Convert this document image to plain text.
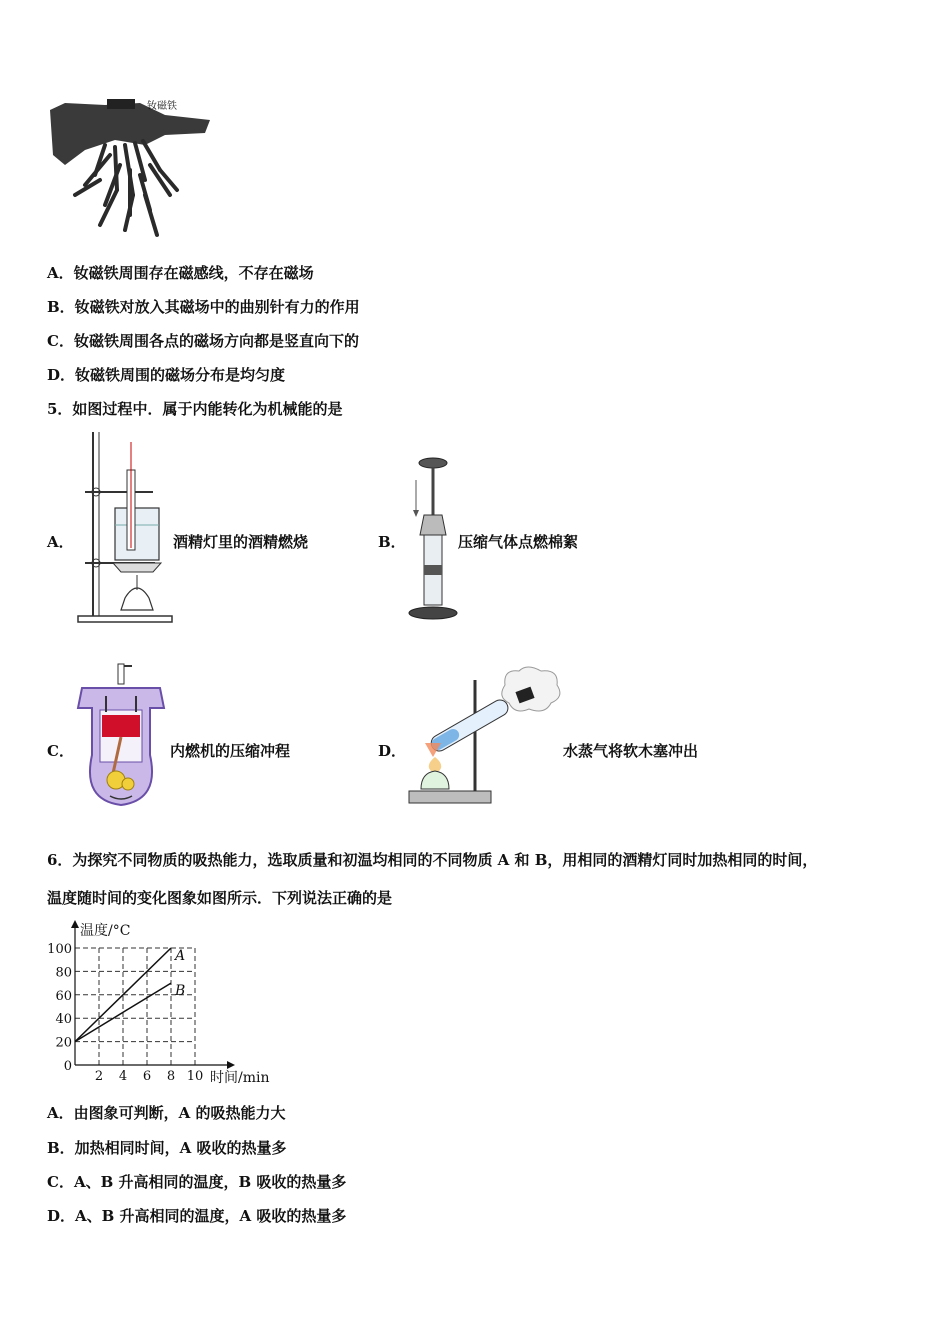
钕磁铁
A．钕磁铁周围存在磁感线，不存在磁场
B．钕磁铁对放入其磁场中的曲别针有力的作用
C．钕磁铁周围各点的磁场方向都是竖直向下的
D．钕磁铁周围的磁场分布是均匀度
5．如图过程中．属于内能转化为机械能的是
A．	酒精灯里的酒精燃烧	B．	压缩气体点燃棉絮
C．	内燃机的压缩冲程	D．	水蒸气将软木塞冲出
6．为探究不同物质的吸热能力，选取质量和初温均相同的不同物质 A 和 B，用相同的酒精灯同时加热相同的时间，
温度随时间的变化图象如图所示．下列说法正确的是
温度/°C
时间/min
2 4 6 8 10
0
20
40
60
80
100	A
B
A．由图象可判断，A 的吸热能力大
B．加热相同时间，A 吸收的热量多
C．A、B 升高相同的温度，B 吸收的热量多
D．A、B 升高相同的温度，A 吸收的热量多
